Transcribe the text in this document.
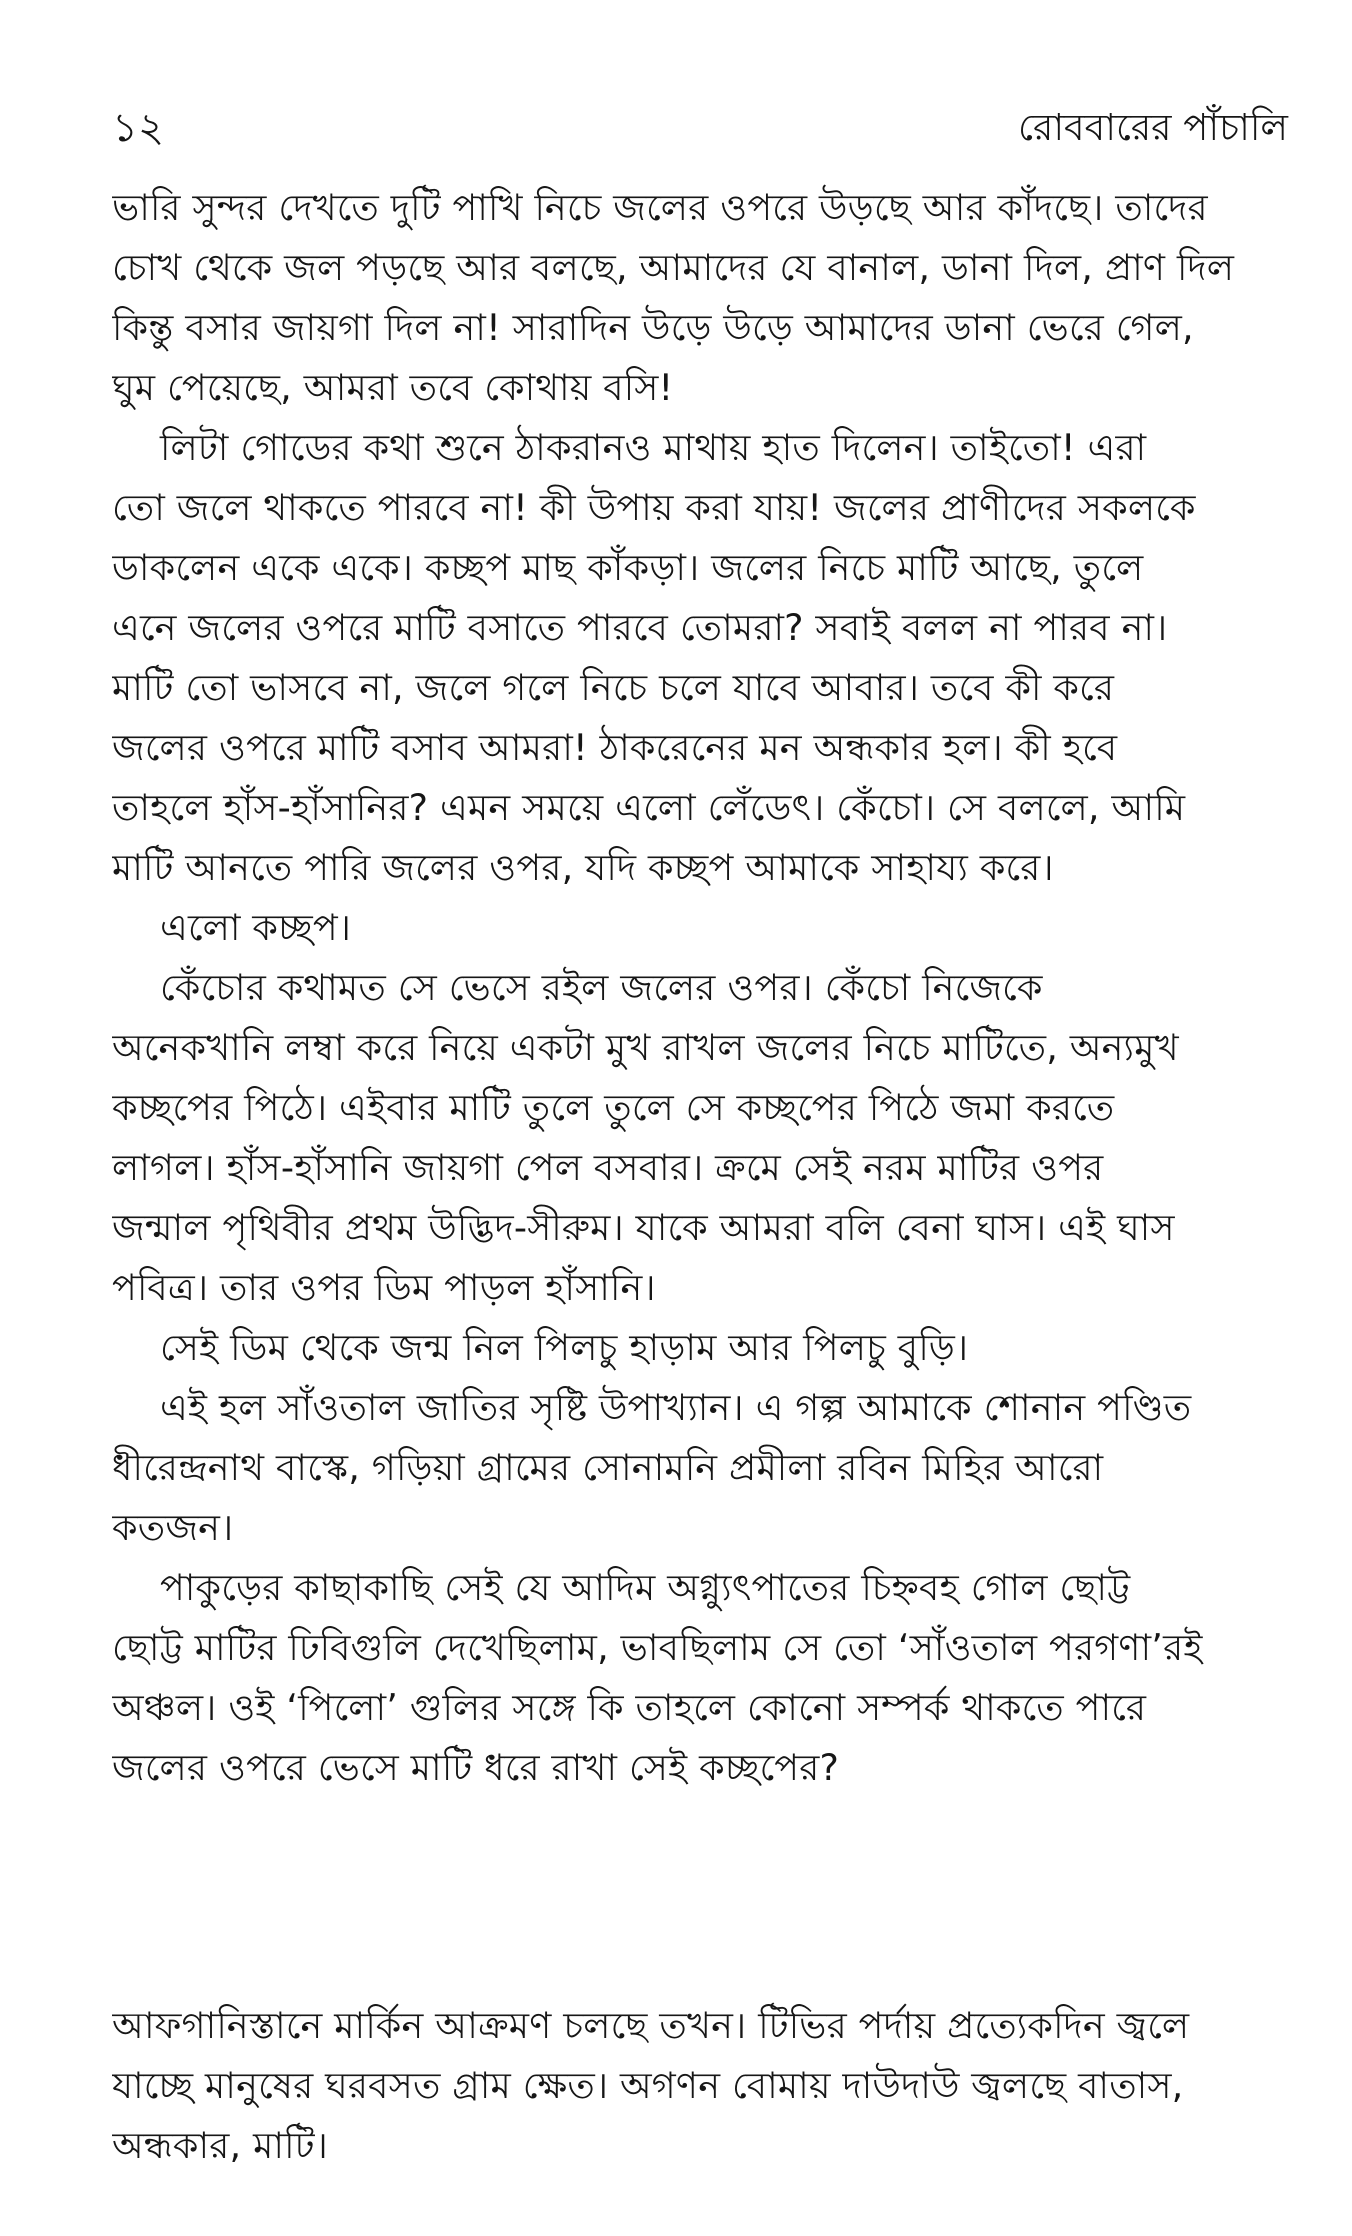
১২	রোববারের পাঁচালি
ভারি সুন্দর দেখতে দুটি পাখি নিচে জলের ওপরে উড়ছে আর কাঁদছে। তাদের
চোখ থেকে জল পড়ছে আর বলছে, আমাদের যে বানাল, ডানা দিল, প্রাণ দিল
কিন্তু বসার জায়গা দিল না! সারাদিন উড়ে উড়ে আমাদের ডানা ভেরে গেল,
ঘুম পেয়েছে, আমরা তবে কোথায় বসি!
লিটা গোডের কথা শুনে ঠাকরানও মাথায় হাত দিলেন। তাইতো! এরা
তো জলে থাকতে পারবে না! কী উপায় করা যায়! জলের প্রাণীদের সকলকে
ডাকলেন একে একে। কচ্ছপ মাছ কাঁকড়া। জলের নিচে মাটি আছে, তুলে
এনে জলের ওপরে মাটি বসাতে পারবে তোমরা? সবাই বলল না পারব না।
মাটি তো ভাসবে না, জলে গলে নিচে চলে যাবে আবার। তবে কী করে
জলের ওপরে মাটি বসাব আমরা! ঠাকরেনের মন অন্ধকার হল। কী হবে
তাহলে হাঁস-হাঁসানির? এমন সময়ে এলো লেঁডেৎ। কেঁচো। সে বললে, আমি
মাটি আনতে পারি জলের ওপর, যদি কচ্ছপ আমাকে সাহায্য করে।
এলো কচ্ছপ।
কেঁচোর কথামত সে ভেসে রইল জলের ওপর। কেঁচো নিজেকে
অনেকখানি লম্বা করে নিয়ে একটা মুখ রাখল জলের নিচে মাটিতে, অন্যমুখ
কচ্ছপের পিঠে। এইবার মাটি তুলে তুলে সে কচ্ছপের পিঠে জমা করতে
লাগল। হাঁস-হাঁসানি জায়গা পেল বসবার। ক্রমে সেই নরম মাটির ওপর
জন্মাল পৃথিবীর প্রথম উদ্ভিদ-সীরুম। যাকে আমরা বলি বেনা ঘাস। এই ঘাস
পবিত্র। তার ওপর ডিম পাড়ল হাঁসানি।
সেই ডিম থেকে জন্ম নিল পিলচু হাড়াম আর পিলচু বুড়ি।
এই হল সাঁওতাল জাতির সৃষ্টি উপাখ্যান। এ গল্প আমাকে শোনান পণ্ডিত
ধীরেন্দ্রনাথ বাস্কে, গড়িয়া গ্রামের সোনামনি প্রমীলা রবিন মিহির আরো
কতজন।
পাকুড়ের কাছাকাছি সেই যে আদিম অগ্ন্যুৎপাতের চিহ্নবহ গোল ছোট্ট
ছোট্ট মাটির ঢিবিগুলি দেখেছিলাম, ভাবছিলাম সে তো ‘সাঁওতাল পরগণা’রই
অঞ্চল। ওই ‘পিলো’ গুলির সঙ্গে কি তাহলে কোনো সম্পর্ক থাকতে পারে
জলের ওপরে ভেসে মাটি ধরে রাখা সেই কচ্ছপের?
আফগানিস্তানে মার্কিন আক্রমণ চলছে তখন। টিভির পর্দায় প্রত্যেকদিন জ্বলে
যাচ্ছে মানুষের ঘরবসত গ্রাম ক্ষেত। অগণন বোমায় দাউদাউ জ্বলছে বাতাস,
অন্ধকার, মাটি।
